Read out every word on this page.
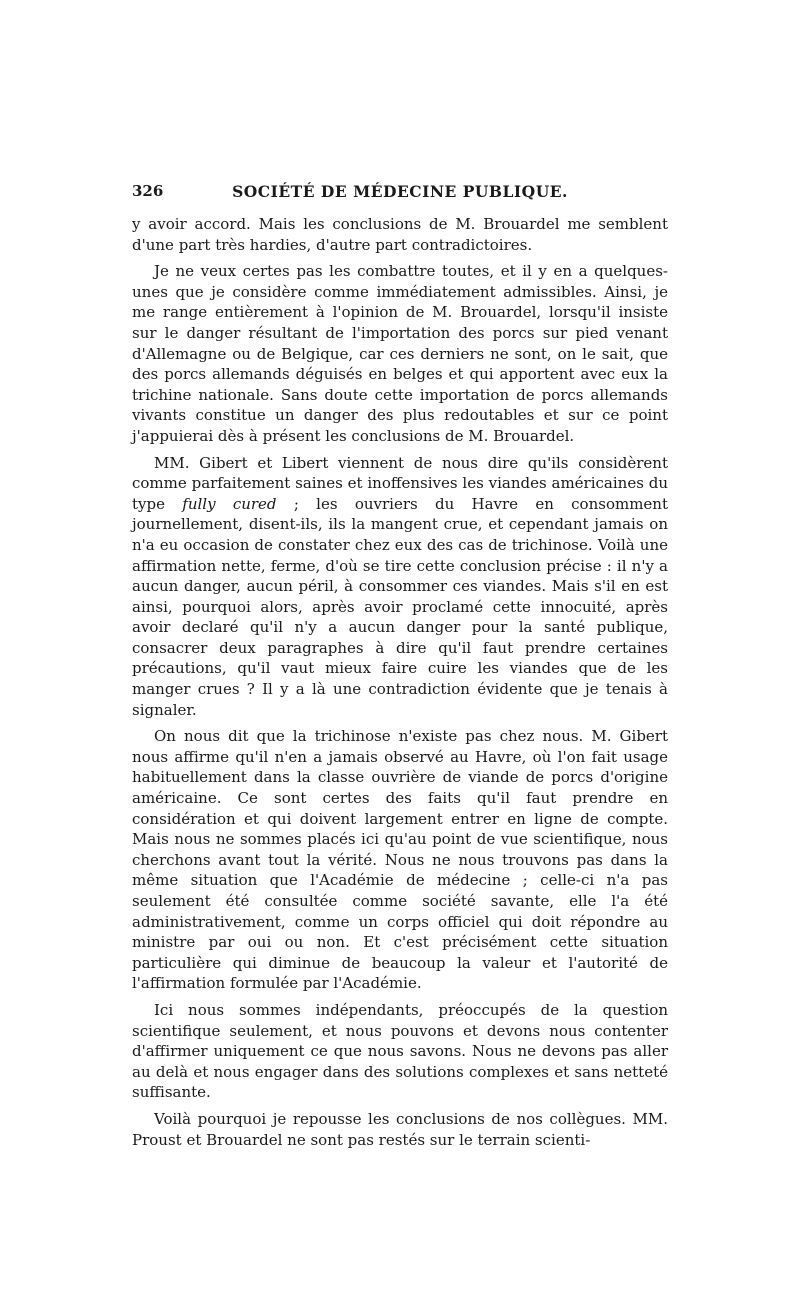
326	SOCIÉTÉ DE MÉDECINE PUBLIQUE.

y avoir accord. Mais les conclusions de M. Brouardel me semblent d'une part très hardies, d'autre part contradictoires.

Je ne veux certes pas les combattre toutes, et il y en a quelques-unes que je considère comme immédiatement admissibles. Ainsi, je me range entièrement à l'opinion de M. Brouardel, lorsqu'il insiste sur le danger résultant de l'importation des porcs sur pied venant d'Allemagne ou de Belgique, car ces derniers ne sont, on le sait, que des porcs allemands déguisés en belges et qui apportent avec eux la trichine nationale. Sans doute cette importation de porcs allemands vivants constitue un danger des plus redoutables et sur ce point j'appuierai dès à présent les conclusions de M. Brouardel.

MM. Gibert et Libert viennent de nous dire qu'ils considèrent comme parfaitement saines et inoffensives les viandes américaines du type fully cured ; les ouvriers du Havre en consomment journellement, disent-ils, ils la mangent crue, et cependant jamais on n'a eu occasion de constater chez eux des cas de trichinose. Voilà une affirmation nette, ferme, d'où se tire cette conclusion précise : il n'y a aucun danger, aucun péril, à consommer ces viandes. Mais s'il en est ainsi, pourquoi alors, après avoir proclamé cette innocuité, après avoir declaré qu'il n'y a aucun danger pour la santé publique, consacrer deux paragraphes à dire qu'il faut prendre certaines précautions, qu'il vaut mieux faire cuire les viandes que de les manger crues ? Il y a là une contradiction évidente que je tenais à signaler.

On nous dit que la trichinose n'existe pas chez nous. M. Gibert nous affirme qu'il n'en a jamais observé au Havre, où l'on fait usage habituellement dans la classe ouvrière de viande de porcs d'origine américaine. Ce sont certes des faits qu'il faut prendre en considération et qui doivent largement entrer en ligne de compte. Mais nous ne sommes placés ici qu'au point de vue scientifique, nous cherchons avant tout la vérité. Nous ne nous trouvons pas dans la même situation que l'Académie de médecine ; celle-ci n'a pas seulement été consultée comme société savante, elle l'a été administrativement, comme un corps officiel qui doit répondre au ministre par oui ou non. Et c'est précisément cette situation particulière qui diminue de beaucoup la valeur et l'autorité de l'affirmation formulée par l'Académie.

Ici nous sommes indépendants, préoccupés de la question scientifique seulement, et nous pouvons et devons nous contenter d'affirmer uniquement ce que nous savons. Nous ne devons pas aller au delà et nous engager dans des solutions complexes et sans netteté suffisante.

Voilà pourquoi je repousse les conclusions de nos collègues. MM. Proust et Brouardel ne sont pas restés sur le terrain scienti-
